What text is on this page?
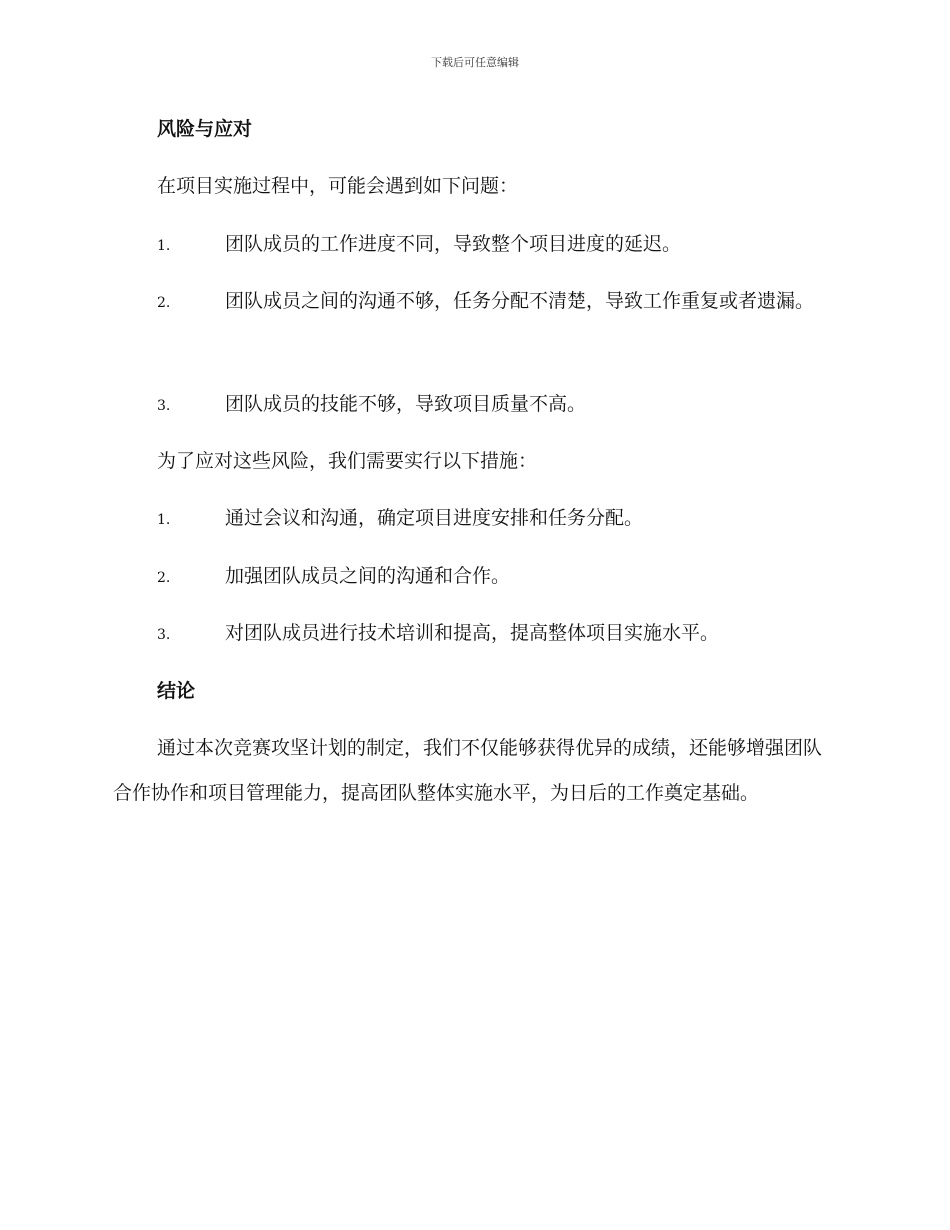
下载后可任意编辑
风险与应对
在项目实施过程中，可能会遇到如下问题：
1.	团队成员的工作进度不同，导致整个项目进度的延迟。
2.	团队成员之间的沟通不够，任务分配不清楚，导致工作重复或者遗漏。
3.	团队成员的技能不够，导致项目质量不高。
为了应对这些风险，我们需要实行以下措施：
1.	通过会议和沟通，确定项目进度安排和任务分配。
2.	加强团队成员之间的沟通和合作。
3.	对团队成员进行技术培训和提高，提高整体项目实施水平。
结论
通过本次竞赛攻坚计划的制定，我们不仅能够获得优异的成绩，还能够增强团队合作协作和项目管理能力，提高团队整体实施水平，为日后的工作奠定基础。
